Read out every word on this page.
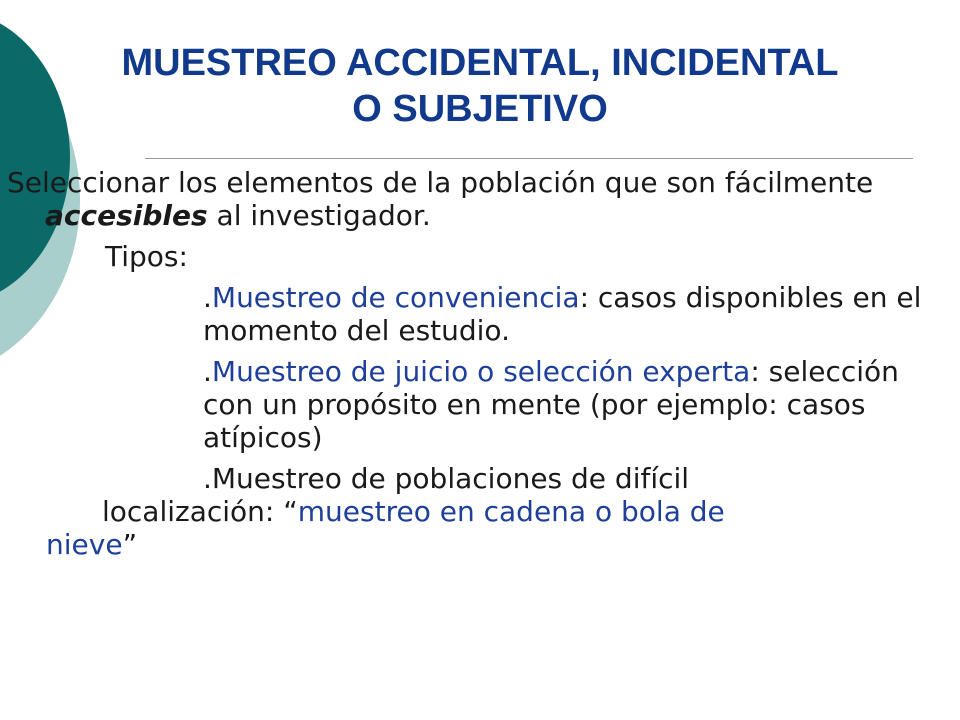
MUESTREO ACCIDENTAL, INCIDENTAL
O SUBJETIVO

Seleccionar los elementos de la población que son fácilmente accesibles al investigador.

Tipos:

.Muestreo de conveniencia: casos disponibles en el momento del estudio.

.Muestreo de juicio o selección experta: selección con un propósito en mente (por ejemplo: casos atípicos)

.Muestreo de poblaciones de difícil
localización: “muestreo en cadena o bola de
nieve”
